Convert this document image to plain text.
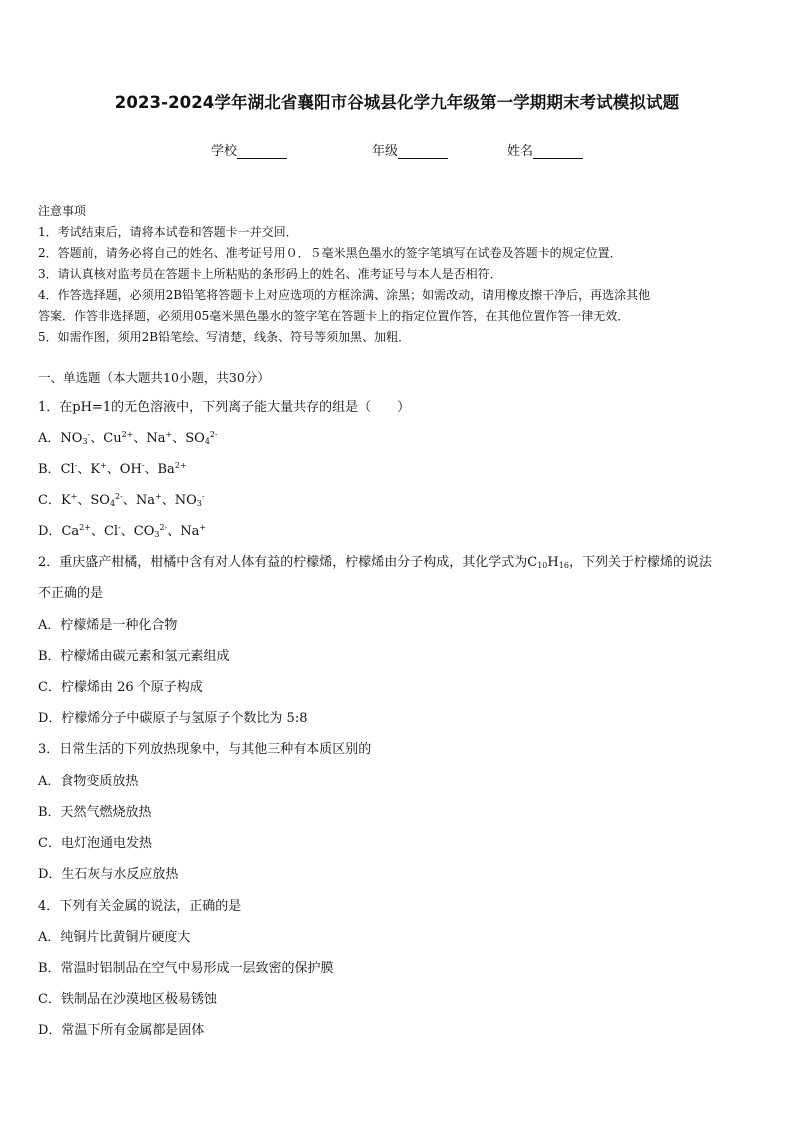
2023-2024学年湖北省襄阳市谷城县化学九年级第一学期期末考试模拟试题
学校	年级	姓名
注意事项
1．考试结束后，请将本试卷和答题卡一并交回．
2．答题前，请务必将自己的姓名、准考证号用０．５毫米黑色墨水的签字笔填写在试卷及答题卡的规定位置．
3．请认真核对监考员在答题卡上所粘贴的条形码上的姓名、准考证号与本人是否相符．
4．作答选择题，必须用2B铅笔将答题卡上对应选项的方框涂满、涂黑；如需改动，请用橡皮擦干净后，再选涂其他
答案．作答非选择题，必须用05毫米黑色墨水的签字笔在答题卡上的指定位置作答，在其他位置作答一律无效．
5．如需作图，须用2B铅笔绘、写清楚，线条、符号等须加黑、加粗．
一、单选题（本大题共10小题，共30分）
1．在pH=1的无色溶液中，下列离子能大量共存的组是（　　）
A．$NO_3^-$、$Cu^{2+}$、Na+、$SO_4^{2-}$
B．Cl-、K+、OH-、$Ba^{2+}$
C．K+、$SO_4^{2-}$、Na+、$NO_3^-$
D．$Ca^{2+}$、Cl-、$CO_3^{2-}$、Na+
2．重庆盛产柑橘，柑橘中含有对人体有益的柠檬烯，柠檬烯由分子构成，其化学式为$C_{10}H_{16}$，下列关于柠檬烯的说法
不正确的是
A．柠檬烯是一种化合物
B．柠檬烯由碳元素和氢元素组成
C．柠檬烯由 26 个原子构成
D．柠檬烯分子中碳原子与氢原子个数比为 5:8
3．日常生活的下列放热现象中，与其他三种有本质区别的
A．食物变质放热
B．天然气燃烧放热
C．电灯泡通电发热
D．生石灰与水反应放热
4．下列有关金属的说法，正确的是
A．纯铜片比黄铜片硬度大
B．常温时铝制品在空气中易形成一层致密的保护膜
C．铁制品在沙漠地区极易锈蚀
D．常温下所有金属都是固体
